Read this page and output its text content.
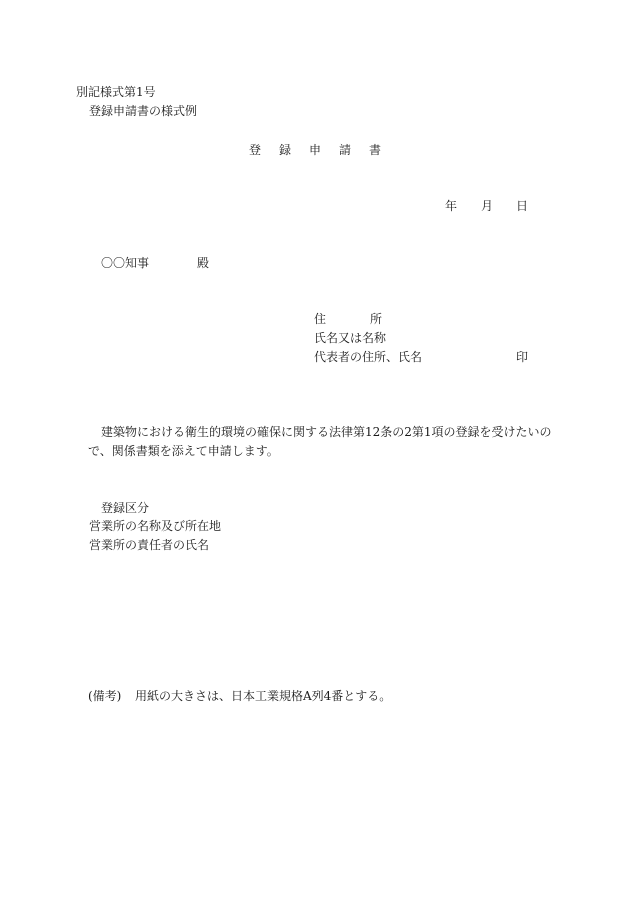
別記様式第1号
登録申請書の様式例
登 録 申 請 書
年 月 日
〇〇知事	殿
住	所
氏名又は名称
代表者の住所、氏名	印
建築物における衛生的環境の確保に関する法律第12条の2第1項の登録を受けたいの
で、関係書類を添えて申請します。
登録区分
営業所の名称及び所在地
営業所の責任者の氏名
(備考) 用紙の大きさは、日本工業規格A列4番とする。
